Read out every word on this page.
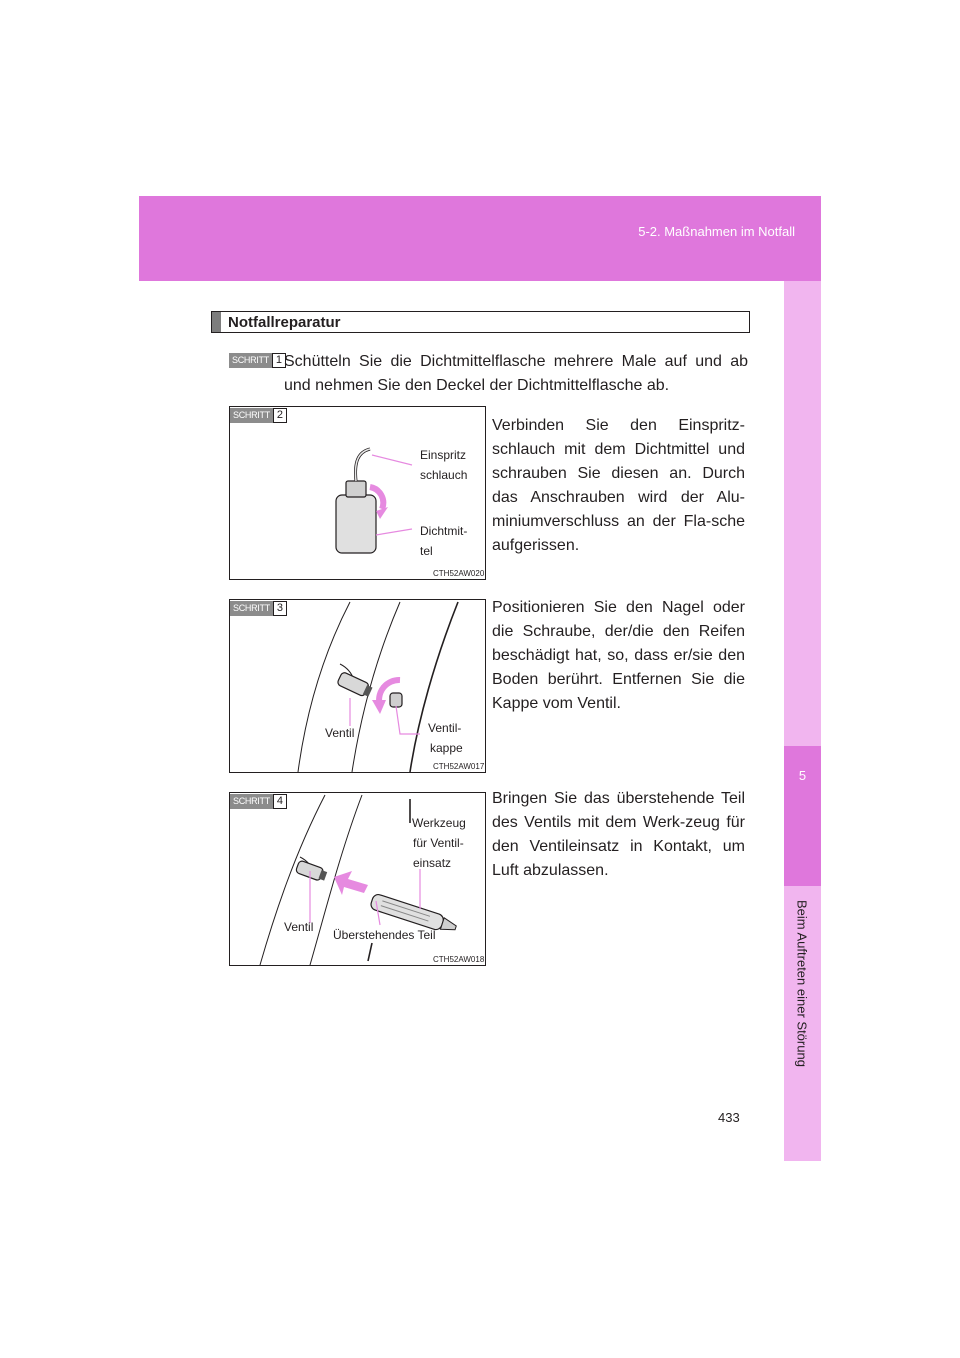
5-2. Maßnahmen im Notfall
5
Beim Auftreten einer Störung
433
Notfallreparatur
SCHRITT 1 Schütteln Sie die Dichtmittelflasche mehrere Male auf und ab und nehmen Sie den Deckel der Dichtmittelflasche ab.
SCHRITT 2
Einspritz
schlauch
Dichtmit-
tel
CTH52AW020
Verbinden Sie den Einspritz-schlauch mit dem Dichtmittel und schrauben Sie diesen an. Durch das Anschrauben wird der Alu-miniumverschluss an der Fla-sche aufgerissen.
SCHRITT 3
Ventil	Ventil-
kappe
CTH52AW017
Positionieren Sie den Nagel oder die Schraube, der/die den Reifen beschädigt hat, so, dass er/sie den Boden berührt. Entfernen Sie die Kappe vom Ventil.
SCHRITT 4
Werkzeug
für Ventil-
einsatz
Ventil
Überstehendes Teil
CTH52AW018
Bringen Sie das überstehende Teil des Ventils mit dem Werk-zeug für den Ventileinsatz in Kontakt, um Luft abzulassen.
